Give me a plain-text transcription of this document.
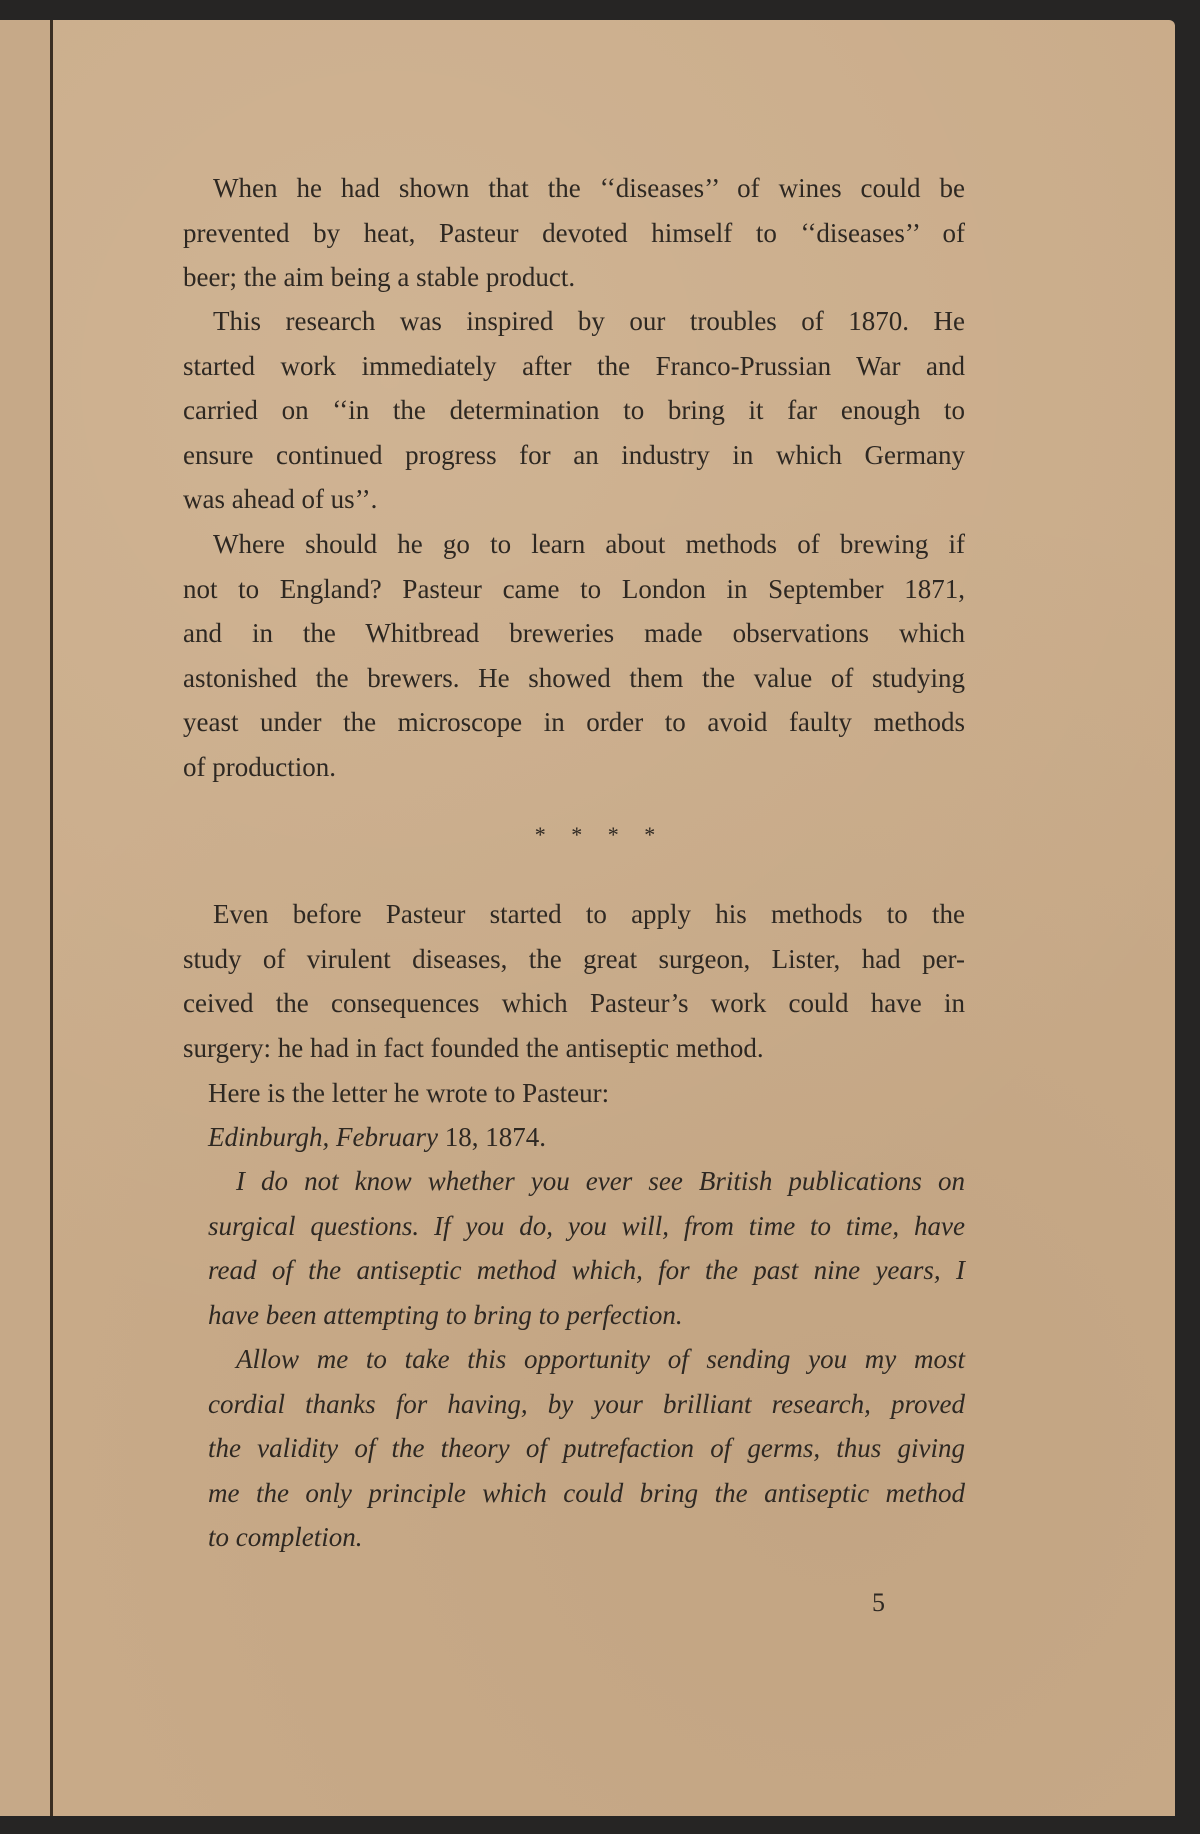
When he had shown that the ‘‘diseases’’ of wines could be
prevented by heat, Pasteur devoted himself to ‘‘diseases’’ of
beer; the aim being a stable product.
This research was inspired by our troubles of 1870. He
started work immediately after the Franco-Prussian War and
carried on ‘‘in the determination to bring it far enough to
ensure continued progress for an industry in which Germany
was ahead of us’’.
Where should he go to learn about methods of brewing if
not to England? Pasteur came to London in September 1871,
and in the Whitbread breweries made observations which
astonished the brewers. He showed them the value of studying
yeast under the microscope in order to avoid faulty methods
of production.
* * * *
Even before Pasteur started to apply his methods to the
study of virulent diseases, the great surgeon, Lister, had per-
ceived the consequences which Pasteur’s work could have in
surgery: he had in fact founded the antiseptic method.
Here is the letter he wrote to Pasteur:
Edinburgh, February 18, 1874.
I do not know whether you ever see British publications on
surgical questions. If you do, you will, from time to time, have
read of the antiseptic method which, for the past nine years, I
have been attempting to bring to perfection.
Allow me to take this opportunity of sending you my most
cordial thanks for having, by your brilliant research, proved
the validity of the theory of putrefaction of germs, thus giving
me the only principle which could bring the antiseptic method
to completion.
5
